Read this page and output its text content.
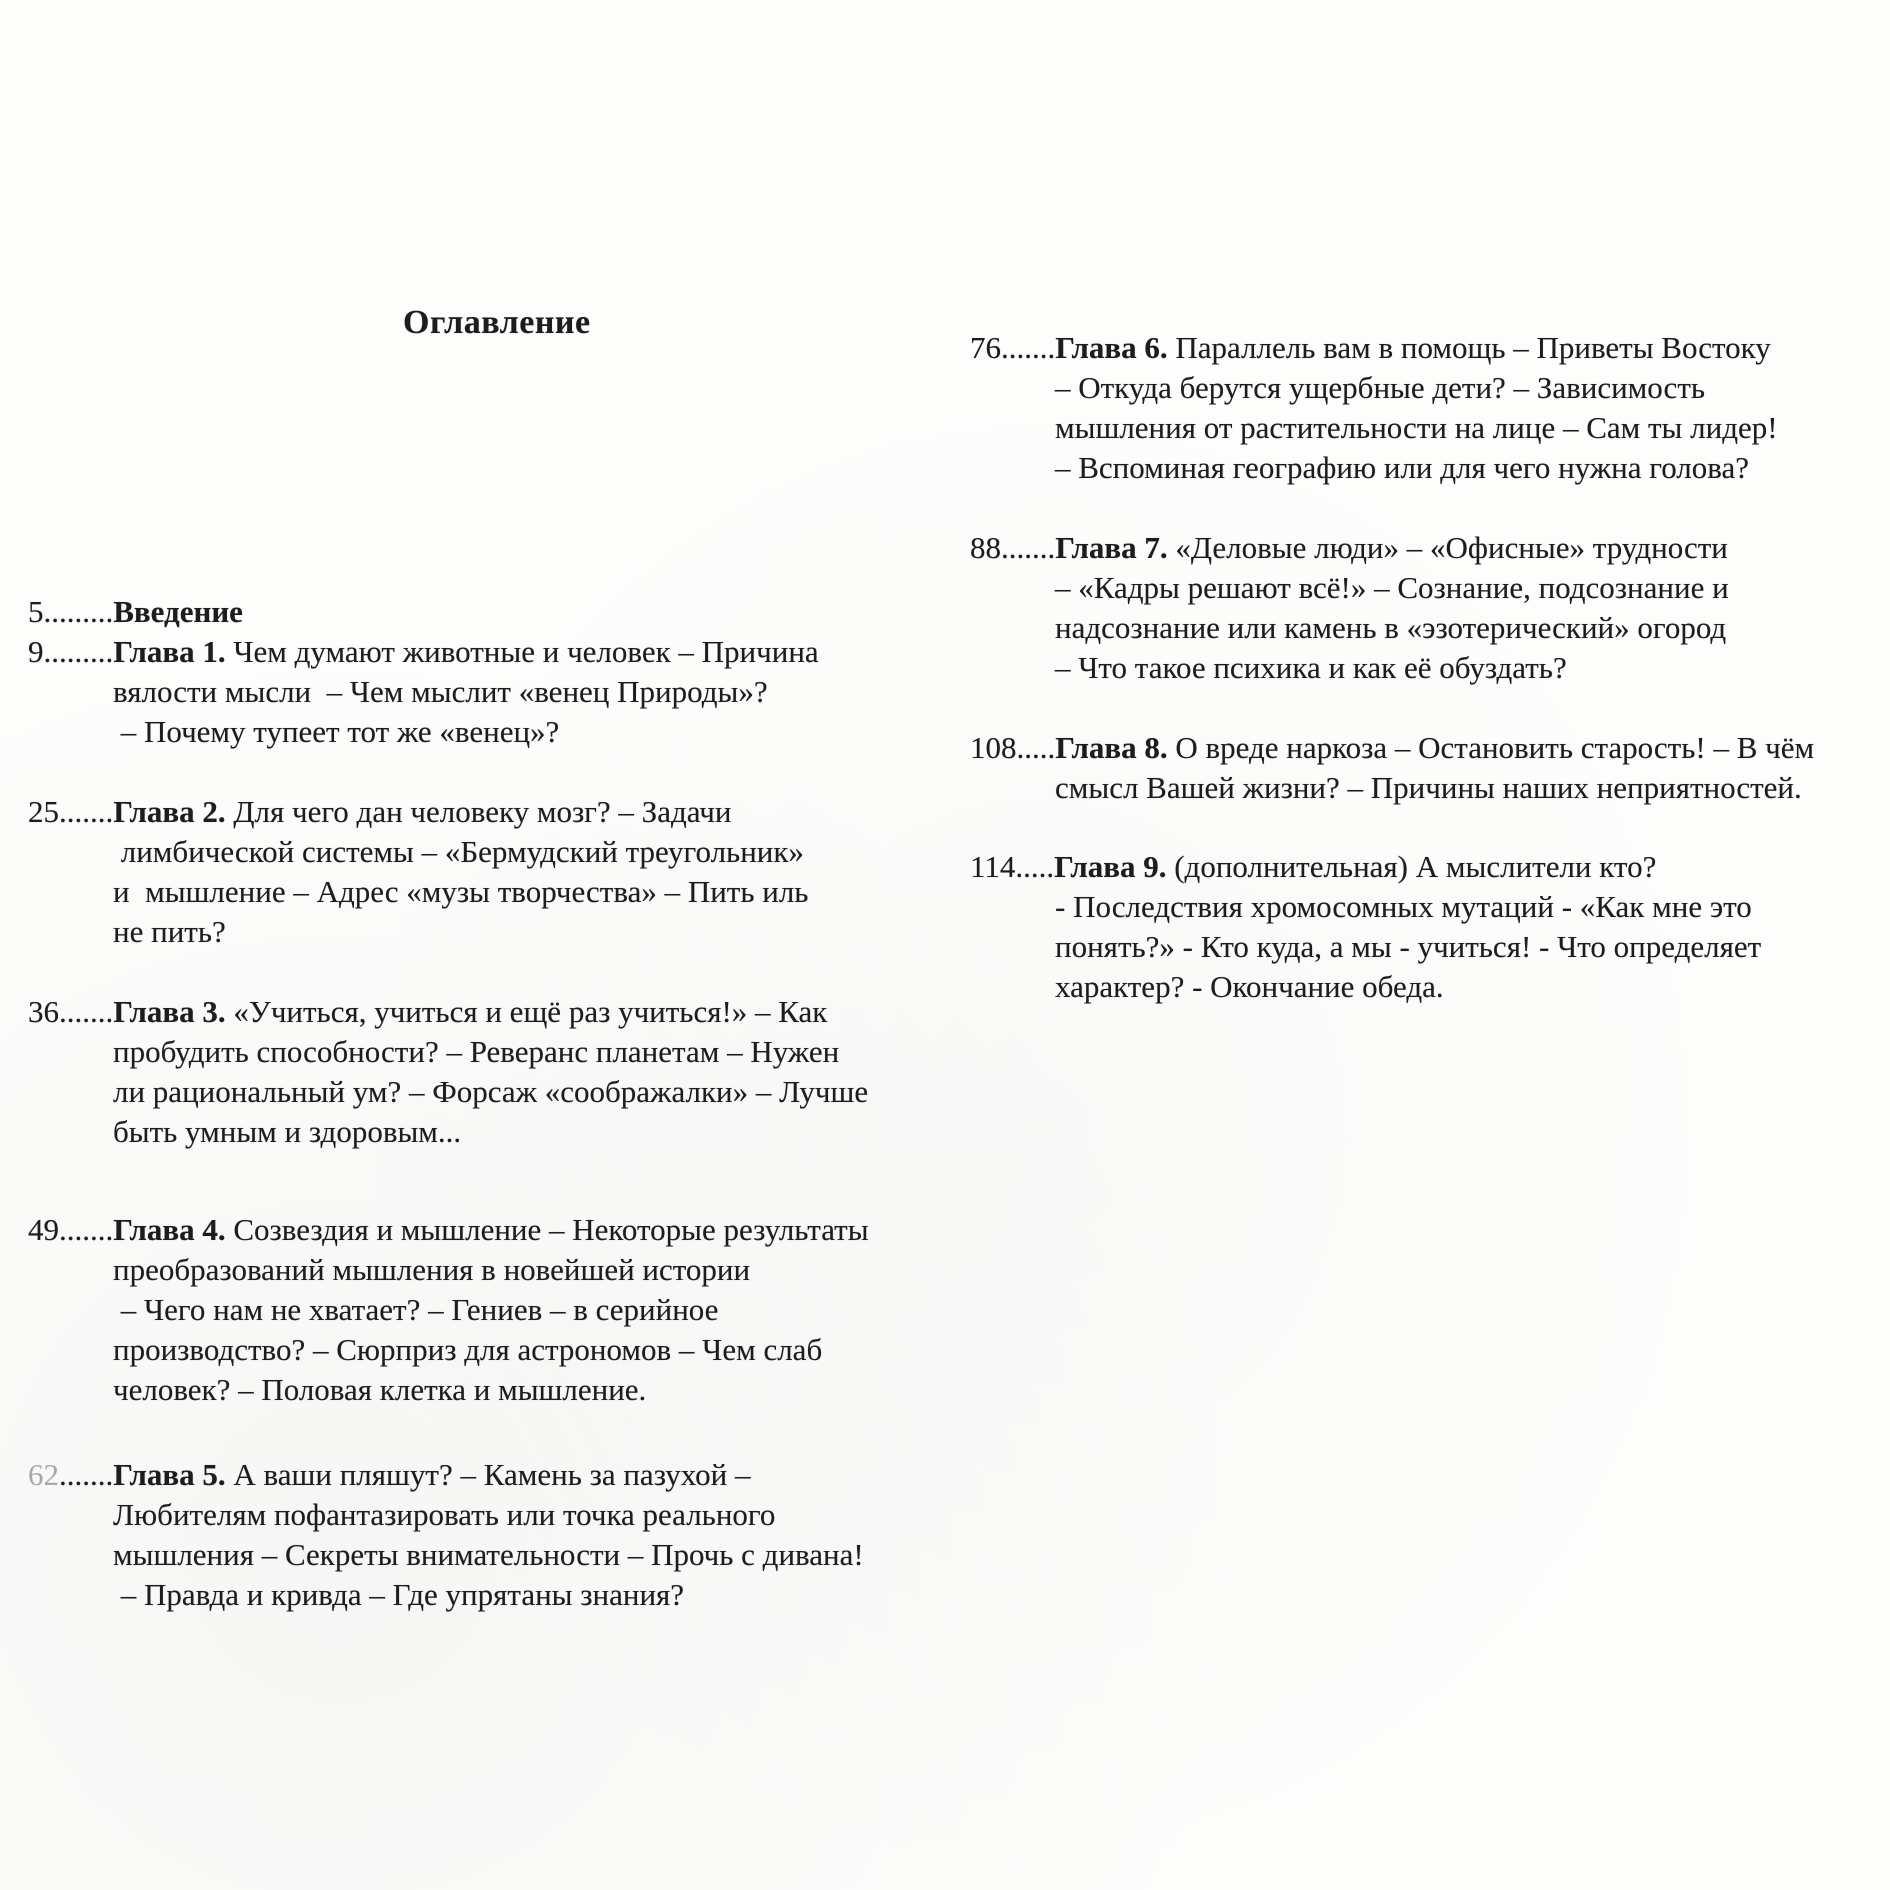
Оглавление
5.........Введение
9.........Глава 1. Чем думают животные и человек – Причина
вялости мысли  – Чем мыслит «венец Природы»?
– Почему тупеет тот же «венец»?
25.......Глава 2. Для чего дан человеку мозг? – Задачи
лимбической системы – «Бермудский треугольник»
и  мышление – Адрес «музы творчества» – Пить иль
не пить?
36.......Глава 3. «Учиться, учиться и ещё раз учиться!» – Как
пробудить способности? – Реверанс планетам – Нужен
ли рациональный ум? – Форсаж «соображалки» – Лучше
быть умным и здоровым...
49.......Глава 4. Созвездия и мышление – Некоторые результаты
преобразований мышления в новейшей истории
– Чего нам не хватает? – Гениев – в серийное
производство? – Сюрприз для астрономов – Чем слаб
человек? – Половая клетка и мышление.
62.......Глава 5. А ваши пляшут? – Камень за пазухой –
Любителям пофантазировать или точка реального
мышления – Секреты внимательности – Прочь с дивана!
– Правда и кривда – Где упрятаны знания?
76.......Глава 6. Параллель вам в помощь – Приветы Востоку
– Откуда берутся ущербные дети? – Зависимость
мышления от растительности на лице – Сам ты лидер!
– Вспоминая географию или для чего нужна голова?
88.......Глава 7. «Деловые люди» – «Офисные» трудности
– «Кадры решают всё!» – Сознание, подсознание и
надсознание или камень в «эзотерический» огород
– Что такое психика и как её обуздать?
108.....Глава 8. О вреде наркоза – Остановить старость! – В чём
смысл Вашей жизни? – Причины наших неприятностей.
114.....Глава 9. (дополнительная) А мыслители кто?
- Последствия хромосомных мутаций - «Как мне это
понять?» - Кто куда, а мы - учиться! - Что определяет
характер? - Окончание обеда.
